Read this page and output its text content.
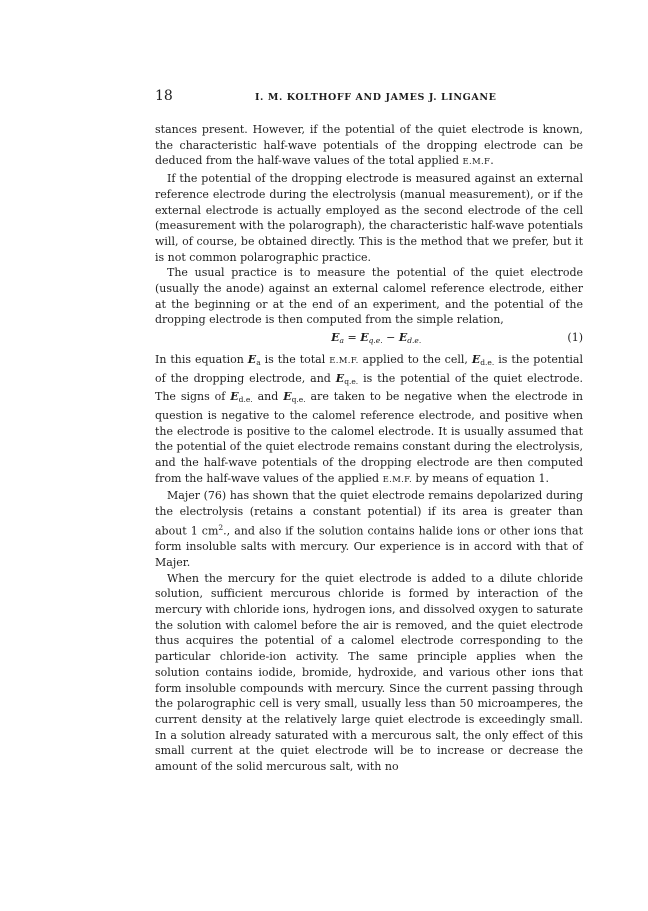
18	I. M. KOLTHOFF AND JAMES J. LINGANE

stances present. However, if the potential of the quiet electrode is known, the characteristic half-wave potentials of the dropping electrode can be deduced from the half-wave values of the total applied E.M.F.

If the potential of the dropping electrode is measured against an external reference electrode during the electrolysis (manual measurement), or if the external electrode is actually employed as the second electrode of the cell (measurement with the polarograph), the characteristic half-wave potentials will, of course, be obtained directly. This is the method that we prefer, but it is not common polarographic practice.

The usual practice is to measure the potential of the quiet electrode (usually the anode) against an external calomel reference electrode, either at the beginning or at the end of an experiment, and the potential of the dropping electrode is then computed from the simple relation,

$E_a = E_{q.e.} - E_{d.e.}$	(1)

In this equation $E_a$ is the total E.M.F. applied to the cell, $E_{d.e.}$ is the potential of the dropping electrode, and $E_{q.e.}$ is the potential of the quiet electrode. The signs of $E_{d.e.}$ and $E_{q.e.}$ are taken to be negative when the electrode in question is negative to the calomel reference electrode, and positive when the electrode is positive to the calomel electrode. It is usually assumed that the potential of the quiet electrode remains constant during the electrolysis, and the half-wave potentials of the dropping electrode are then computed from the half-wave values of the applied E.M.F. by means of equation 1.

Majer (76) has shown that the quiet electrode remains depolarized during the electrolysis (retains a constant potential) if its area is greater than about 1 $cm^2$., and also if the solution contains halide ions or other ions that form insoluble salts with mercury. Our experience is in accord with that of Majer.

When the mercury for the quiet electrode is added to a dilute chloride solution, sufficient mercurous chloride is formed by interaction of the mercury with chloride ions, hydrogen ions, and dissolved oxygen to saturate the solution with calomel before the air is removed, and the quiet electrode thus acquires the potential of a calomel electrode corresponding to the particular chloride-ion activity. The same principle applies when the solution contains iodide, bromide, hydroxide, and various other ions that form insoluble compounds with mercury. Since the current passing through the polarographic cell is very small, usually less than 50 microamperes, the current density at the relatively large quiet electrode is exceedingly small. In a solution already saturated with a mercurous salt, the only effect of this small current at the quiet electrode will be to increase or decrease the amount of the solid mercurous salt, with no
